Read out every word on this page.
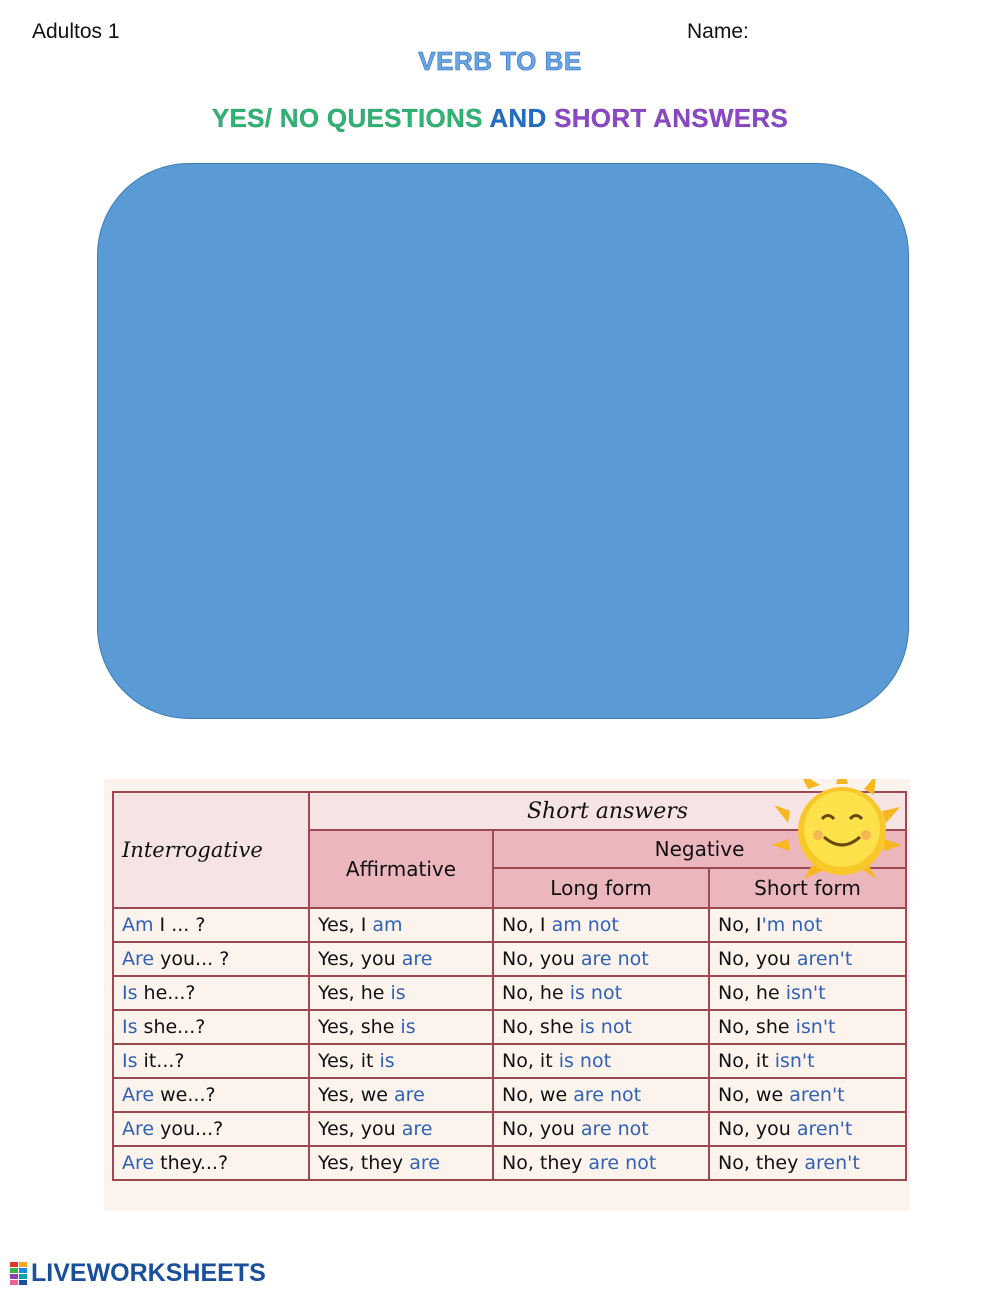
Adultos 1	Name:
VERB TO BE
YES/ NO QUESTIONS AND SHORT ANSWERS
Interrogative	Short answers		
	Affirmative	Negative	
		Long form	Short form
Am I ... ?	Yes, I am	No, I am not	No, I'm not
Are you... ?	Yes, you are	No, you are not	No, you aren't
Is he...?	Yes, he is	No, he is not	No, he isn't
Is she...?	Yes, she is	No, she is not	No, she isn't
Is it...?	Yes, it is	No, it is not	No, it isn't
Are we...?	Yes, we are	No, we are not	No, we aren't
Are you...?	Yes, you are	No, you are not	No, you aren't
Are they...?	Yes, they are	No, they are not	No, they aren't
LIVEWORKSHEETS
